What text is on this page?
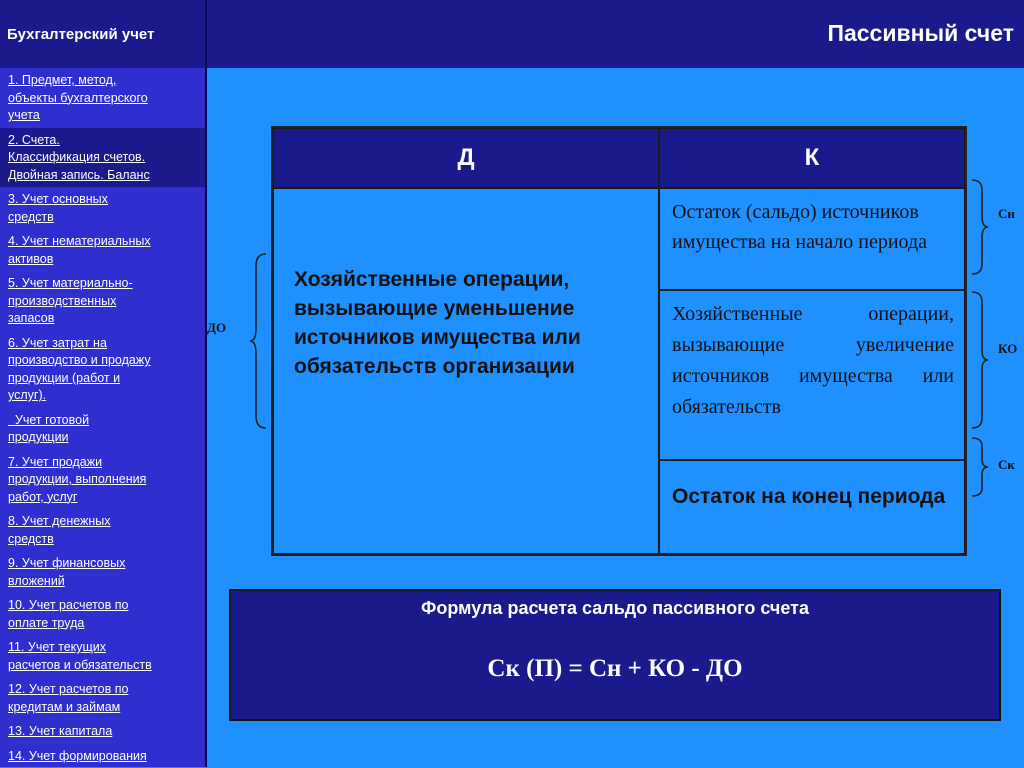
Бухгалтерский учет
1. Предмет, метод,
объекты бухгалтерского
учета
2. Счета.
Классификация счетов.
Двойная запись. Баланс
3. Учет основных
средств
4. Учет нематериальных
активов
5. Учет материально-
производственных
запасов
6. Учет затрат на
производство и продажу
продукции (работ и
услуг).
Учет готовой
продукции
7. Учет продажи
продукции, выполнения
работ, услуг
8. Учет денежных
средств
9. Учет финансовых
вложений
10. Учет расчетов по
оплате труда
11. Учет текущих
расчетов и обязательств
12. Учет расчетов по
кредитам и займам
13. Учет капитала
14. Учет формирования
Пассивный счет
Д	К
Хозяйственные операции, вызывающие уменьшение источников имущества или обязательств организации
Остаток (сальдо) источников имущества на начало периода
Хозяйственные операции, вызывающие увеличение источников имущества или обязательств
Остаток на конец периода
ДО
Сн
КО
Ск
Формула расчета сальдо пассивного счета
Ск (П) = Сн + КО - ДО
